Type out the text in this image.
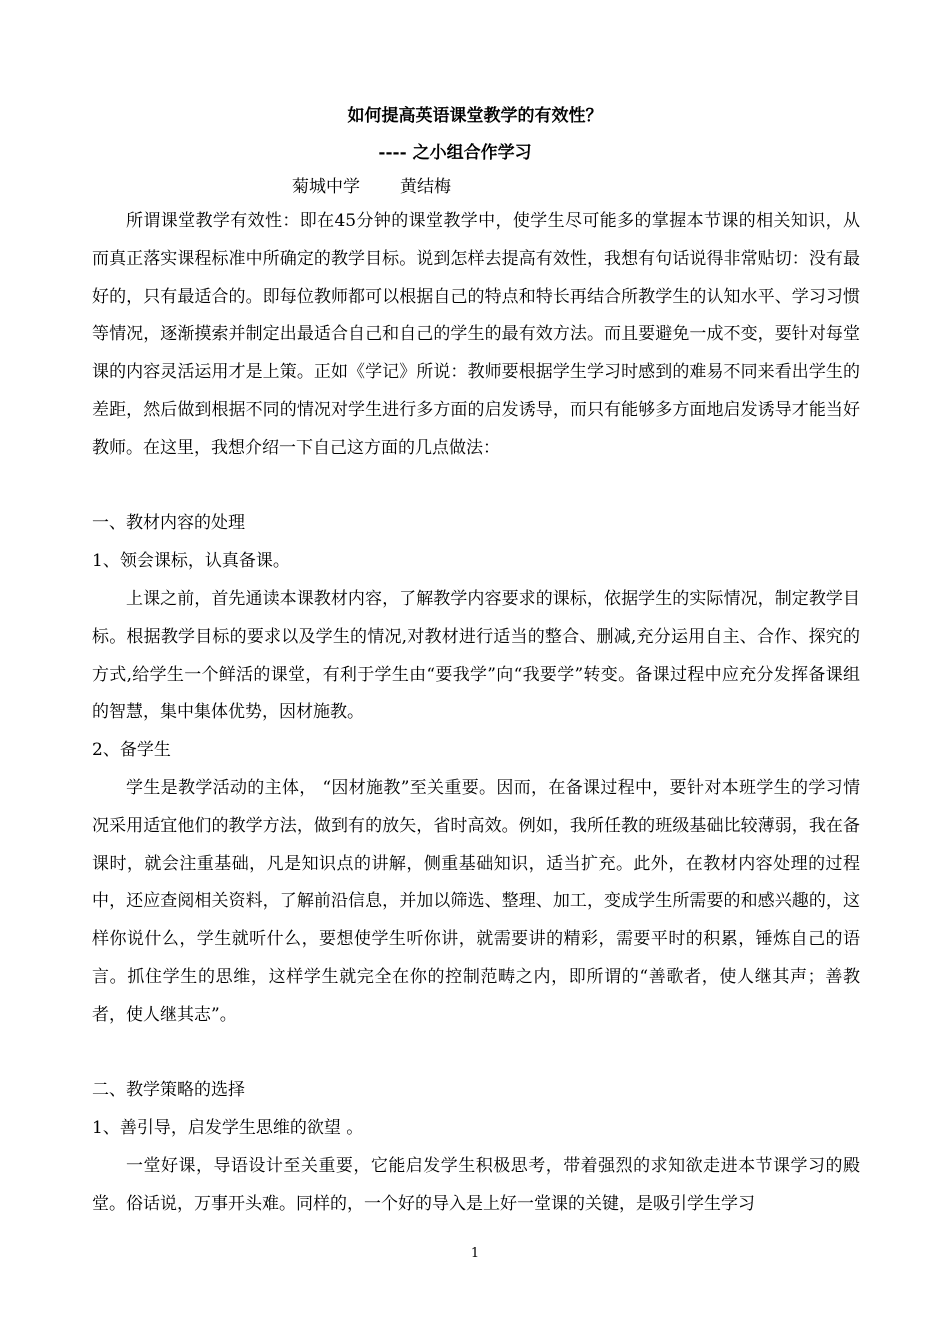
如何提高英语课堂教学的有效性？
---- 之小组合作学习
菊城中学 黄结梅

所谓课堂教学有效性：即在45分钟的课堂教学中，使学生尽可能多的掌握本节课的相关知识，从而真正落实课程标准中所确定的教学目标。说到怎样去提高有效性，我想有句话说得非常贴切：没有最好的，只有最适合的。即每位教师都可以根据自己的特点和特长再结合所教学生的认知水平、学习习惯等情况，逐渐摸索并制定出最适合自己和自己的学生的最有效方法。而且要避免一成不变，要针对每堂课的内容灵活运用才是上策。正如《学记》所说：教师要根据学生学习时感到的难易不同来看出学生的差距，然后做到根据不同的情况对学生进行多方面的启发诱导，而只有能够多方面地启发诱导才能当好教师。在这里，我想介绍一下自己这方面的几点做法：

一、教材内容的处理

1、领会课标，认真备课。

上课之前，首先通读本课教材内容，了解教学内容要求的课标，依据学生的实际情况，制定教学目标。根据教学目标的要求以及学生的情况,对教材进行适当的整合、删减,充分运用自主、合作、探究的方式,给学生一个鲜活的课堂，有利于学生由“要我学”向“我要学”转变。备课过程中应充分发挥备课组的智慧，集中集体优势，因材施教。

2、备学生

学生是教学活动的主体， “因材施教”至关重要。因而，在备课过程中，要针对本班学生的学习情况采用适宜他们的教学方法，做到有的放矢，省时高效。例如，我所任教的班级基础比较薄弱，我在备课时，就会注重基础，凡是知识点的讲解，侧重基础知识，适当扩充。此外，在教材内容处理的过程中，还应查阅相关资料，了解前沿信息，并加以筛选、整理、加工，变成学生所需要的和感兴趣的，这样你说什么，学生就听什么，要想使学生听你讲，就需要讲的精彩，需要平时的积累，锤炼自己的语言。抓住学生的思维，这样学生就完全在你的控制范畴之内，即所谓的“善歌者，使人继其声；善教者，使人继其志”。

二、教学策略的选择

1、善引导，启发学生思维的欲望 。

一堂好课，导语设计至关重要，它能启发学生积极思考，带着强烈的求知欲走进本节课学习的殿堂。俗话说，万事开头难。同样的，一个好的导入是上好一堂课的关键，是吸引学生学习

1
